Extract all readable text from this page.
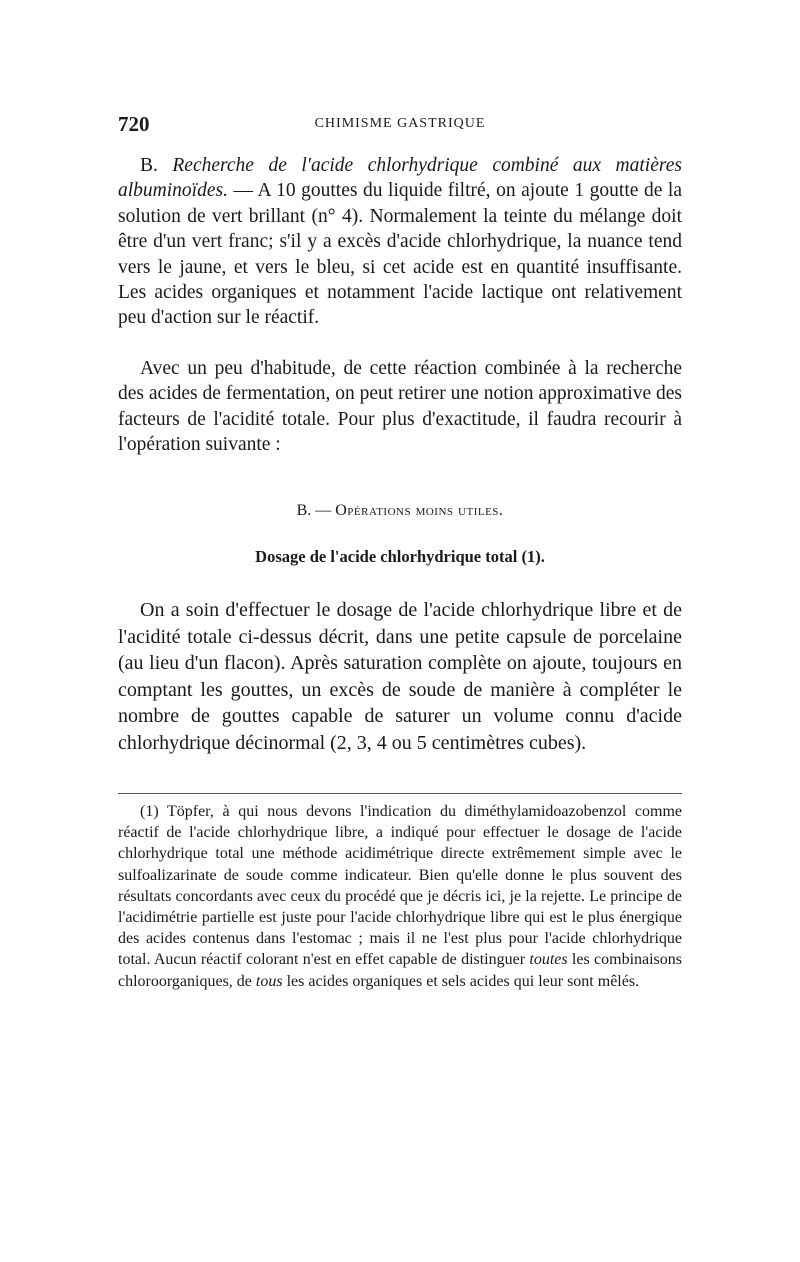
720	CHIMISME GASTRIQUE

B. Recherche de l'acide chlorhydrique combiné aux matières albuminoïdes. — A 10 gouttes du liquide filtré, on ajoute 1 goutte de la solution de vert brillant (n° 4). Normalement la teinte du mélange doit être d'un vert franc; s'il y a excès d'acide chlorhydrique, la nuance tend vers le jaune, et vers le bleu, si cet acide est en quantité insuffisante. Les acides organiques et notamment l'acide lactique ont relativement peu d'action sur le réactif.

Avec un peu d'habitude, de cette réaction combinée à la recherche des acides de fermentation, on peut retirer une notion approximative des facteurs de l'acidité totale. Pour plus d'exactitude, il faudra recourir à l'opération suivante :

B. — Opérations moins utiles.
Dosage de l'acide chlorhydrique total (1).

On a soin d'effectuer le dosage de l'acide chlorhydrique libre et de l'acidité totale ci-dessus décrit, dans une petite capsule de porcelaine (au lieu d'un flacon). Après saturation complète on ajoute, toujours en comptant les gouttes, un excès de soude de manière à compléter le nombre de gouttes capable de saturer un volume connu d'acide chlorhydrique décinormal (2, 3, 4 ou 5 centimètres cubes).

(1) Töpfer, à qui nous devons l'indication du diméthylamidoazobenzol comme réactif de l'acide chlorhydrique libre, a indiqué pour effectuer le dosage de l'acide chlorhydrique total une méthode acidimétrique directe extrêmement simple avec le sulfoalizarinate de soude comme indicateur. Bien qu'elle donne le plus souvent des résultats concordants avec ceux du procédé que je décris ici, je la rejette. Le principe de l'acidimétrie partielle est juste pour l'acide chlorhydrique libre qui est le plus énergique des acides contenus dans l'estomac ; mais il ne l'est plus pour l'acide chlorhydrique total. Aucun réactif colorant n'est en effet capable de distinguer toutes les combinaisons chloroorganiques, de tous les acides organiques et sels acides qui leur sont mêlés.
